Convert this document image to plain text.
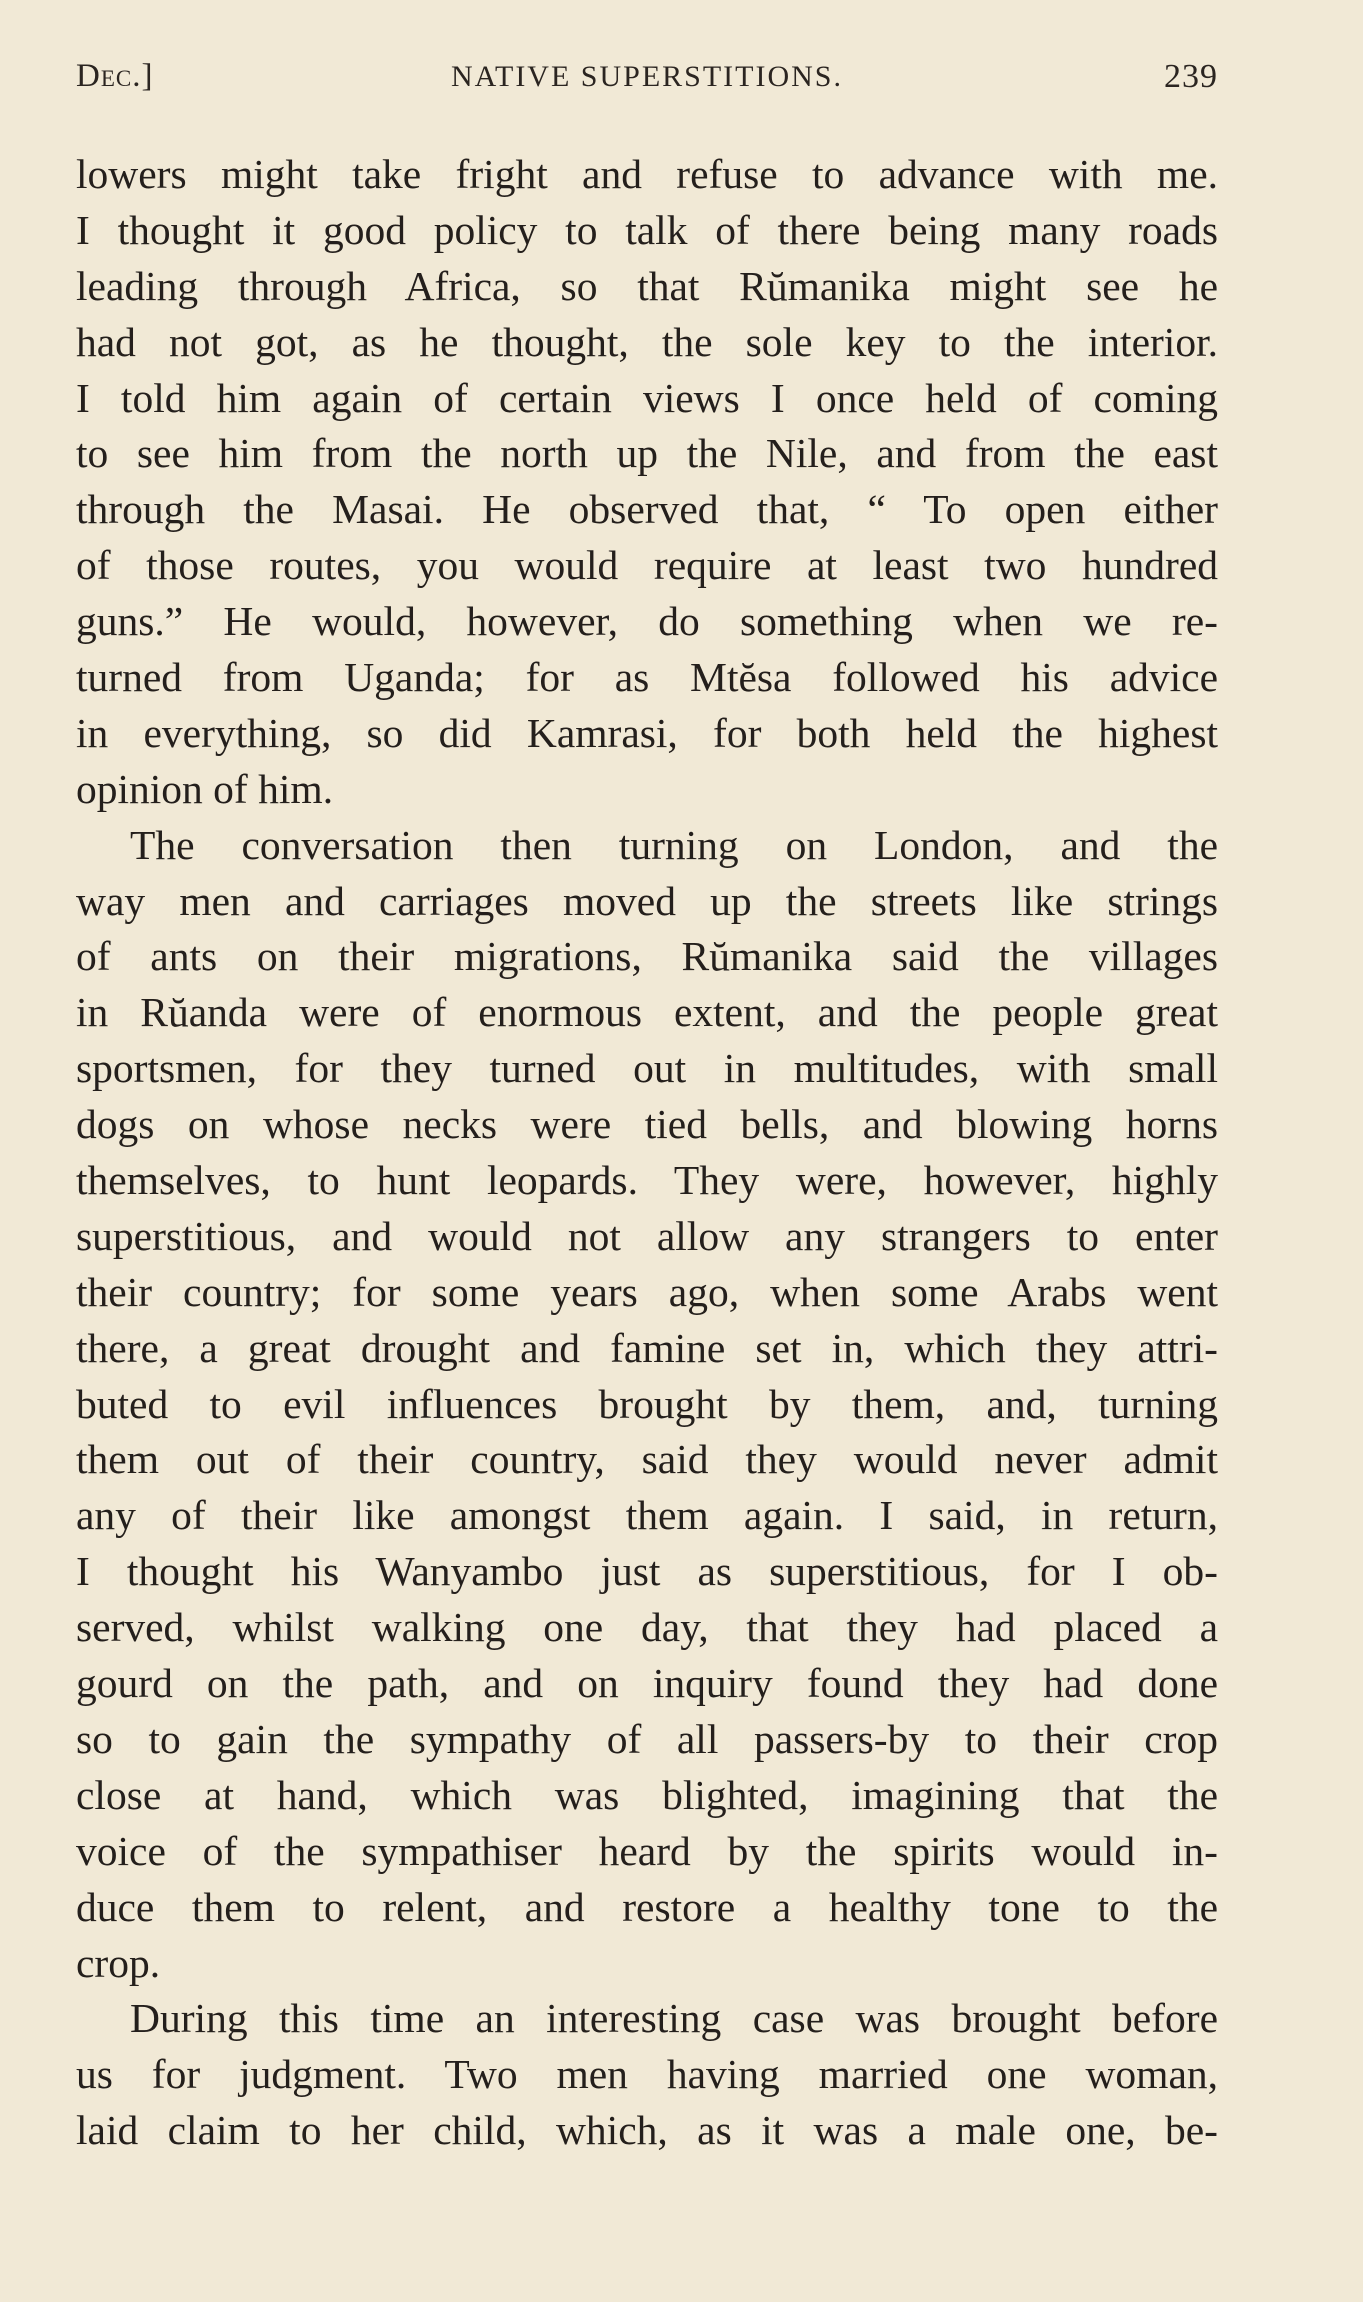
Dec.]	NATIVE SUPERSTITIONS.	239
lowers might take fright and refuse to advance with me.
I thought it good policy to talk of there being many roads
leading through Africa, so that Rŭmanika might see he
had not got, as he thought, the sole key to the interior.
I told him again of certain views I once held of coming
to see him from the north up the Nile, and from the east
through the Masai. He observed that, “ To open either
of those routes, you would require at least two hundred
guns.” He would, however, do something when we re-
turned from Uganda; for as Mtĕsa followed his advice
in everything, so did Kamrasi, for both held the highest
opinion of him.
The conversation then turning on London, and the
way men and carriages moved up the streets like strings
of ants on their migrations, Rŭmanika said the villages
in Rŭanda were of enormous extent, and the people great
sportsmen, for they turned out in multitudes, with small
dogs on whose necks were tied bells, and blowing horns
themselves, to hunt leopards. They were, however, highly
superstitious, and would not allow any strangers to enter
their country; for some years ago, when some Arabs went
there, a great drought and famine set in, which they attri-
buted to evil influences brought by them, and, turning
them out of their country, said they would never admit
any of their like amongst them again. I said, in return,
I thought his Wanyambo just as superstitious, for I ob-
served, whilst walking one day, that they had placed a
gourd on the path, and on inquiry found they had done
so to gain the sympathy of all passers-by to their crop
close at hand, which was blighted, imagining that the
voice of the sympathiser heard by the spirits would in-
duce them to relent, and restore a healthy tone to the
crop.
During this time an interesting case was brought before
us for judgment. Two men having married one woman,
laid claim to her child, which, as it was a male one, be-
